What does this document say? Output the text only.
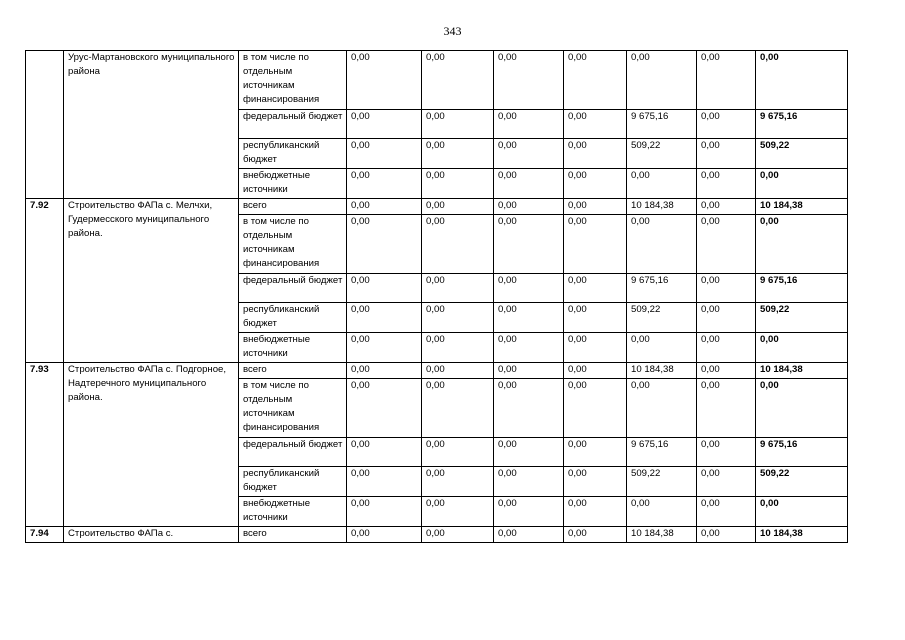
343
	Урус-Мартановского муниципального района	в том числе по отдельным источникам финансирования	0,00	0,00	0,00	0,00	0,00	0,00	0,00
		федеральный бюджет	0,00	0,00	0,00	0,00	9 675,16	0,00	9 675,16
		республиканский бюджет	0,00	0,00	0,00	0,00	509,22	0,00	509,22
		внебюджетные источники	0,00	0,00	0,00	0,00	0,00	0,00	0,00
7.92	Строительство ФАПа с. Мелчхи, Гудермесского муниципального района.	всего	0,00	0,00	0,00	0,00	10 184,38	0,00	10 184,38
		в том числе по отдельным источникам финансирования	0,00	0,00	0,00	0,00	0,00	0,00	0,00
		федеральный бюджет	0,00	0,00	0,00	0,00	9 675,16	0,00	9 675,16
		республиканский бюджет	0,00	0,00	0,00	0,00	509,22	0,00	509,22
		внебюджетные источники	0,00	0,00	0,00	0,00	0,00	0,00	0,00
7.93	Строительство ФАПа с. Подгорное, Надтеречного муниципального района.	всего	0,00	0,00	0,00	0,00	10 184,38	0,00	10 184,38
		в том числе по отдельным источникам финансирования	0,00	0,00	0,00	0,00	0,00	0,00	0,00
		федеральный бюджет	0,00	0,00	0,00	0,00	9 675,16	0,00	9 675,16
		республиканский бюджет	0,00	0,00	0,00	0,00	509,22	0,00	509,22
		внебюджетные источники	0,00	0,00	0,00	0,00	0,00	0,00	0,00
7.94	Строительство ФАПа с.	всего	0,00	0,00	0,00	0,00	10 184,38	0,00	10 184,38
